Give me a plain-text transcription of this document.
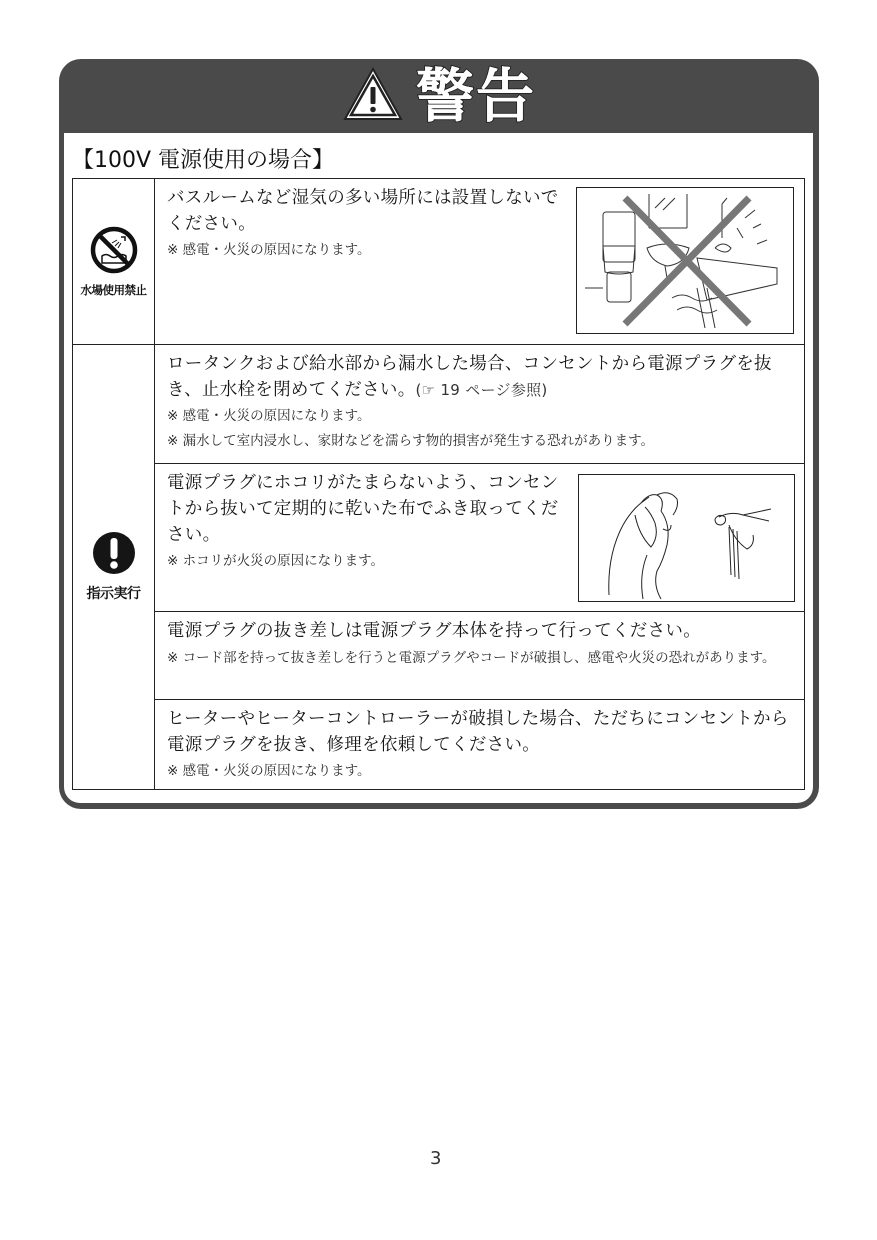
警告
【100V 電源使用の場合】
水場使用禁止
バスルームなど湿気の多い場所には設置しないでください。
※ 感電・火災の原因になります。
指示実行
ロータンクおよび給水部から漏水した場合、コンセントから電源プラグを抜き、止水栓を閉めてください。(☞ 19 ページ参照)
※ 感電・火災の原因になります。
※ 漏水して室内浸水し、家財などを濡らす物的損害が発生する恐れがあります。
電源プラグにホコリがたまらないよう、コンセントから抜いて定期的に乾いた布でふき取ってください。
※ ホコリが火災の原因になります。
電源プラグの抜き差しは電源プラグ本体を持って行ってください。
※ コード部を持って抜き差しを行うと電源プラグやコードが破損し、感電や火災の恐れがあります。
ヒーターやヒーターコントローラーが破損した場合、ただちにコンセントから電源プラグを抜き、修理を依頼してください。
※ 感電・火災の原因になります。
3
